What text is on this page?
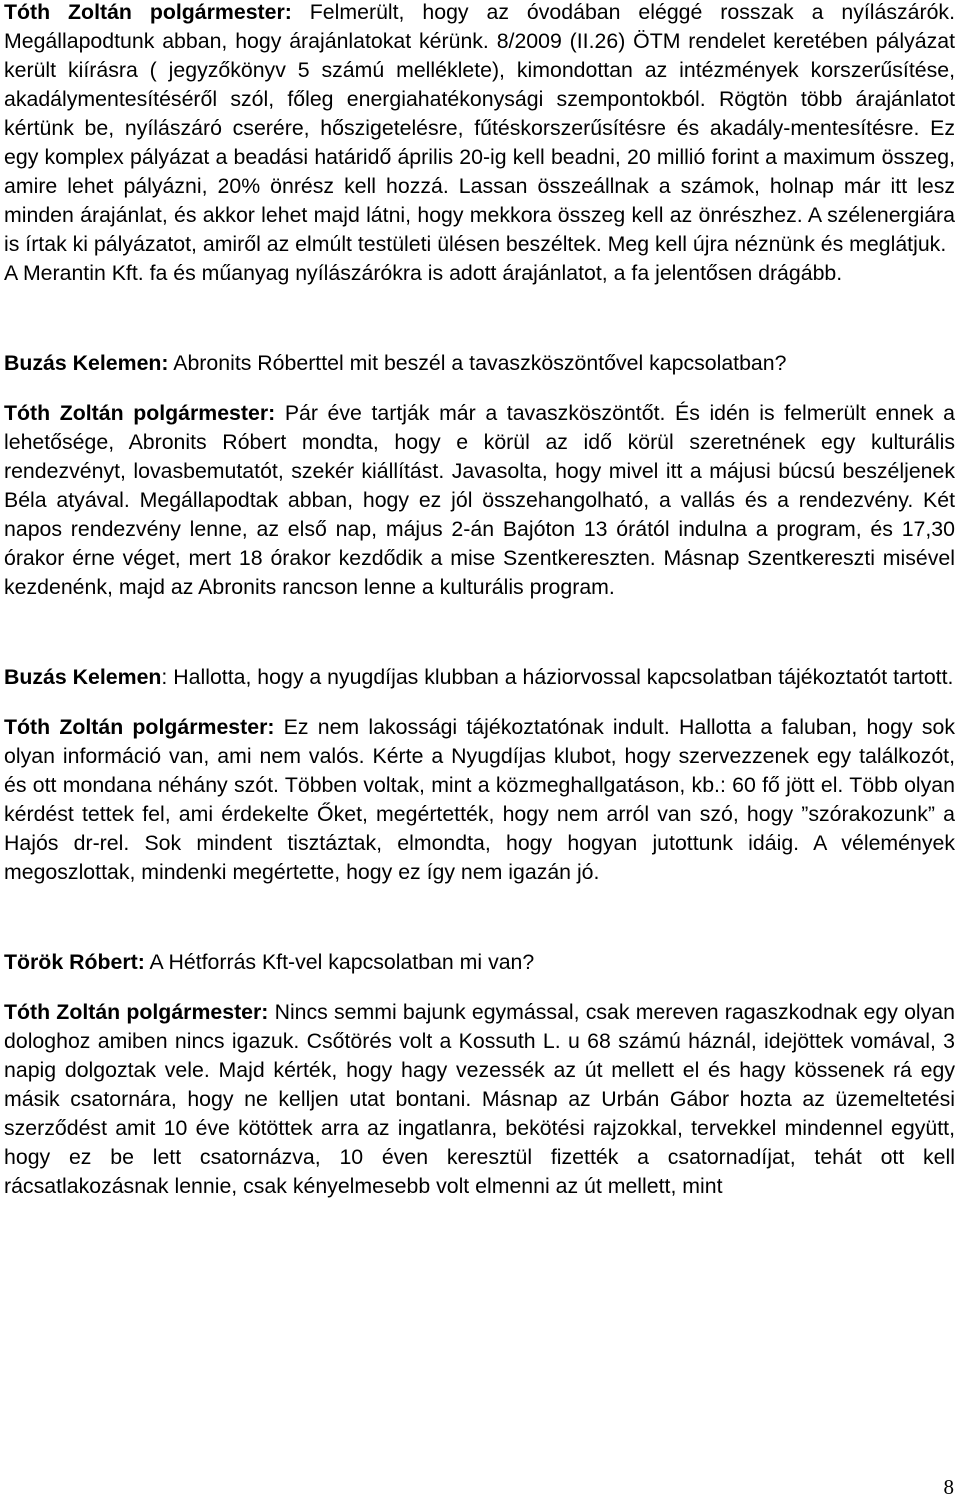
Tóth Zoltán polgármester: Felmerült, hogy az óvodában eléggé rosszak a nyílászárók. Megállapodtunk abban, hogy árajánlatokat kérünk. 8/2009 (II.26) ÖTM rendelet keretében pályázat került kiírásra ( jegyzőkönyv 5 számú melléklete), kimondottan az intézmények korszerűsítése, akadálymentesítéséről szól, főleg energiahatékonysági szempontokból. Rögtön több árajánlatot kértünk be, nyílászáró cserére, hőszigetelésre, fűtéskorszerűsítésre és akadály-mentesítésre. Ez egy komplex pályázat a beadási határidő április 20-ig kell beadni, 20 millió forint a maximum összeg, amire lehet pályázni, 20% önrész kell hozzá. Lassan összeállnak a számok, holnap már itt lesz minden árajánlat, és akkor lehet majd látni, hogy mekkora összeg kell az önrészhez. A szélenergiára is írtak ki pályázatot, amiről az elmúlt testületi ülésen beszéltek. Meg kell újra néznünk és meglátjuk.
A Merantin Kft. fa és műanyag nyílászárókra is adott árajánlatot, a fa jelentősen drágább.

Buzás Kelemen: Abronits Róberttel mit beszél a tavaszköszöntővel kapcsolatban?

Tóth Zoltán polgármester: Pár éve tartják már a tavaszköszöntőt. És idén is felmerült ennek a lehetősége, Abronits Róbert mondta, hogy e körül az idő körül szeretnének egy kulturális rendezvényt, lovasbemutatót, szekér kiállítást. Javasolta, hogy mivel itt a májusi búcsú beszéljenek Béla atyával. Megállapodtak abban, hogy ez jól összehangolható, a vallás és a rendezvény. Két napos rendezvény lenne, az első nap, május 2-án Bajóton 13 órától indulna a program, és 17,30 órakor érne véget, mert 18 órakor kezdődik a mise Szentkereszten. Másnap Szentkereszti misével kezdenénk, majd az Abronits rancson lenne a kulturális program.

Buzás Kelemen: Hallotta, hogy a nyugdíjas klubban a háziorvossal kapcsolatban tájékoztatót tartott.

Tóth Zoltán polgármester: Ez nem lakossági tájékoztatónak indult. Hallotta a faluban, hogy sok olyan információ van, ami nem valós. Kérte a Nyugdíjas klubot, hogy szervezzenek egy találkozót, és ott mondana néhány szót. Többen voltak, mint a közmeghallgatáson, kb.: 60 fő jött el. Több olyan kérdést tettek fel, ami érdekelte Őket, megértették, hogy nem arról van szó, hogy ”szórakozunk” a Hajós dr-rel. Sok mindent tisztáztak, elmondta, hogy hogyan jutottunk idáig. A vélemények megoszlottak, mindenki megértette, hogy ez így nem igazán jó.

Török Róbert: A Hétforrás Kft-vel kapcsolatban mi van?

Tóth Zoltán polgármester: Nincs semmi bajunk egymással, csak mereven ragaszkodnak egy olyan dologhoz amiben nincs igazuk. Csőtörés volt a Kossuth L. u 68 számú háznál, idejöttek vomával, 3 napig dolgoztak vele. Majd kérték, hogy hagy vezessék az út mellett el és hagy kössenek rá egy másik csatornára, hogy ne kelljen utat bontani. Másnap az Urbán Gábor hozta az üzemeltetési szerződést amit 10 éve kötöttek arra az ingatlanra, bekötési rajzokkal, tervekkel mindennel együtt, hogy ez be lett csatornázva, 10 éven keresztül fizették a csatornadíjat, tehát ott kell rácsatlakozásnak lennie, csak kényelmesebb volt elmenni az út mellett, mint

8
